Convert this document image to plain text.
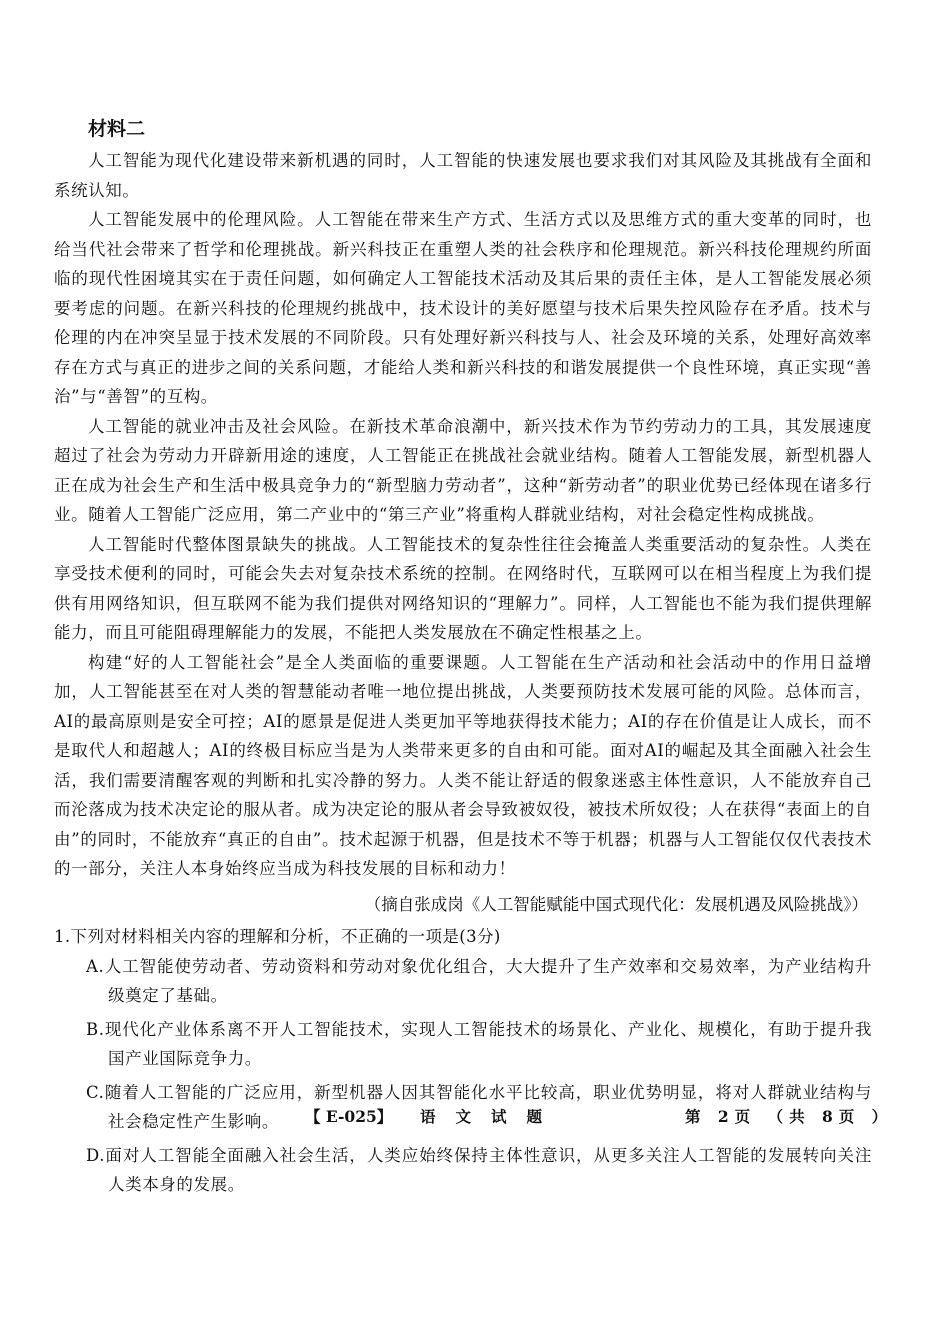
材料二

人工智能为现代化建设带来新机遇的同时，人工智能的快速发展也要求我们对其风险及其挑战有全面和系统认知。

人工智能发展中的伦理风险。人工智能在带来生产方式、生活方式以及思维方式的重大变革的同时，也给当代社会带来了哲学和伦理挑战。新兴科技正在重塑人类的社会秩序和伦理规范。新兴科技伦理规约所面临的现代性困境其实在于责任问题，如何确定人工智能技术活动及其后果的责任主体，是人工智能发展必须要考虑的问题。在新兴科技的伦理规约挑战中，技术设计的美好愿望与技术后果失控风险存在矛盾。技术与伦理的内在冲突呈显于技术发展的不同阶段。只有处理好新兴科技与人、社会及环境的关系，处理好高效率存在方式与真正的进步之间的关系问题，才能给人类和新兴科技的和谐发展提供一个良性环境，真正实现“善治”与“善智”的互构。

人工智能的就业冲击及社会风险。在新技术革命浪潮中，新兴技术作为节约劳动力的工具，其发展速度超过了社会为劳动力开辟新用途的速度，人工智能正在挑战社会就业结构。随着人工智能发展，新型机器人正在成为社会生产和生活中极具竞争力的“新型脑力劳动者”，这种“新劳动者”的职业优势已经体现在诸多行业。随着人工智能广泛应用，第二产业中的“第三产业”将重构人群就业结构，对社会稳定性构成挑战。

人工智能时代整体图景缺失的挑战。人工智能技术的复杂性往往会掩盖人类重要活动的复杂性。人类在享受技术便利的同时，可能会失去对复杂技术系统的控制。在网络时代，互联网可以在相当程度上为我们提供有用网络知识，但互联网不能为我们提供对网络知识的“理解力”。同样，人工智能也不能为我们提供理解能力，而且可能阻碍理解能力的发展，不能把人类发展放在不确定性根基之上。

构建“好的人工智能社会”是全人类面临的重要课题。人工智能在生产活动和社会活动中的作用日益增加，人工智能甚至在对人类的智慧能动者唯一地位提出挑战，人类要预防技术发展可能的风险。总体而言，AI的最高原则是安全可控；AI的愿景是促进人类更加平等地获得技术能力；AI的存在价值是让人成长，而不是取代人和超越人；AI的终极目标应当是为人类带来更多的自由和可能。面对AI的崛起及其全面融入社会生活，我们需要清醒客观的判断和扎实冷静的努力。人类不能让舒适的假象迷惑主体性意识，人不能放弃自己而沦落成为技术决定论的服从者。成为决定论的服从者会导致被奴役，被技术所奴役；人在获得“表面上的自由”的同时，不能放弃“真正的自由”。技术起源于机器，但是技术不等于机器；机器与人工智能仅仅代表技术的一部分，关注人本身始终应当成为科技发展的目标和动力！

（摘自张成岗《人工智能赋能中国式现代化：发展机遇及风险挑战》）

1.下列对材料相关内容的理解和分析，不正确的一项是(3分)

A.人工智能使劳动者、劳动资料和劳动对象优化组合，大大提升了生产效率和交易效率，为产业结构升级奠定了基础。

B.现代化产业体系离不开人工智能技术，实现人工智能技术的场景化、产业化、规模化，有助于提升我国产业国际竞争力。

C.随着人工智能的广泛应用，新型机器人因其智能化水平比较高，职业优势明显，将对人群就业结构与社会稳定性产生影响。

D.面对人工智能全面融入社会生活，人类应始终保持主体性意识，从更多关注人工智能的发展转向关注人类本身的发展。

【 E-025】	语文试题	第 2页 （共 8页 ）
